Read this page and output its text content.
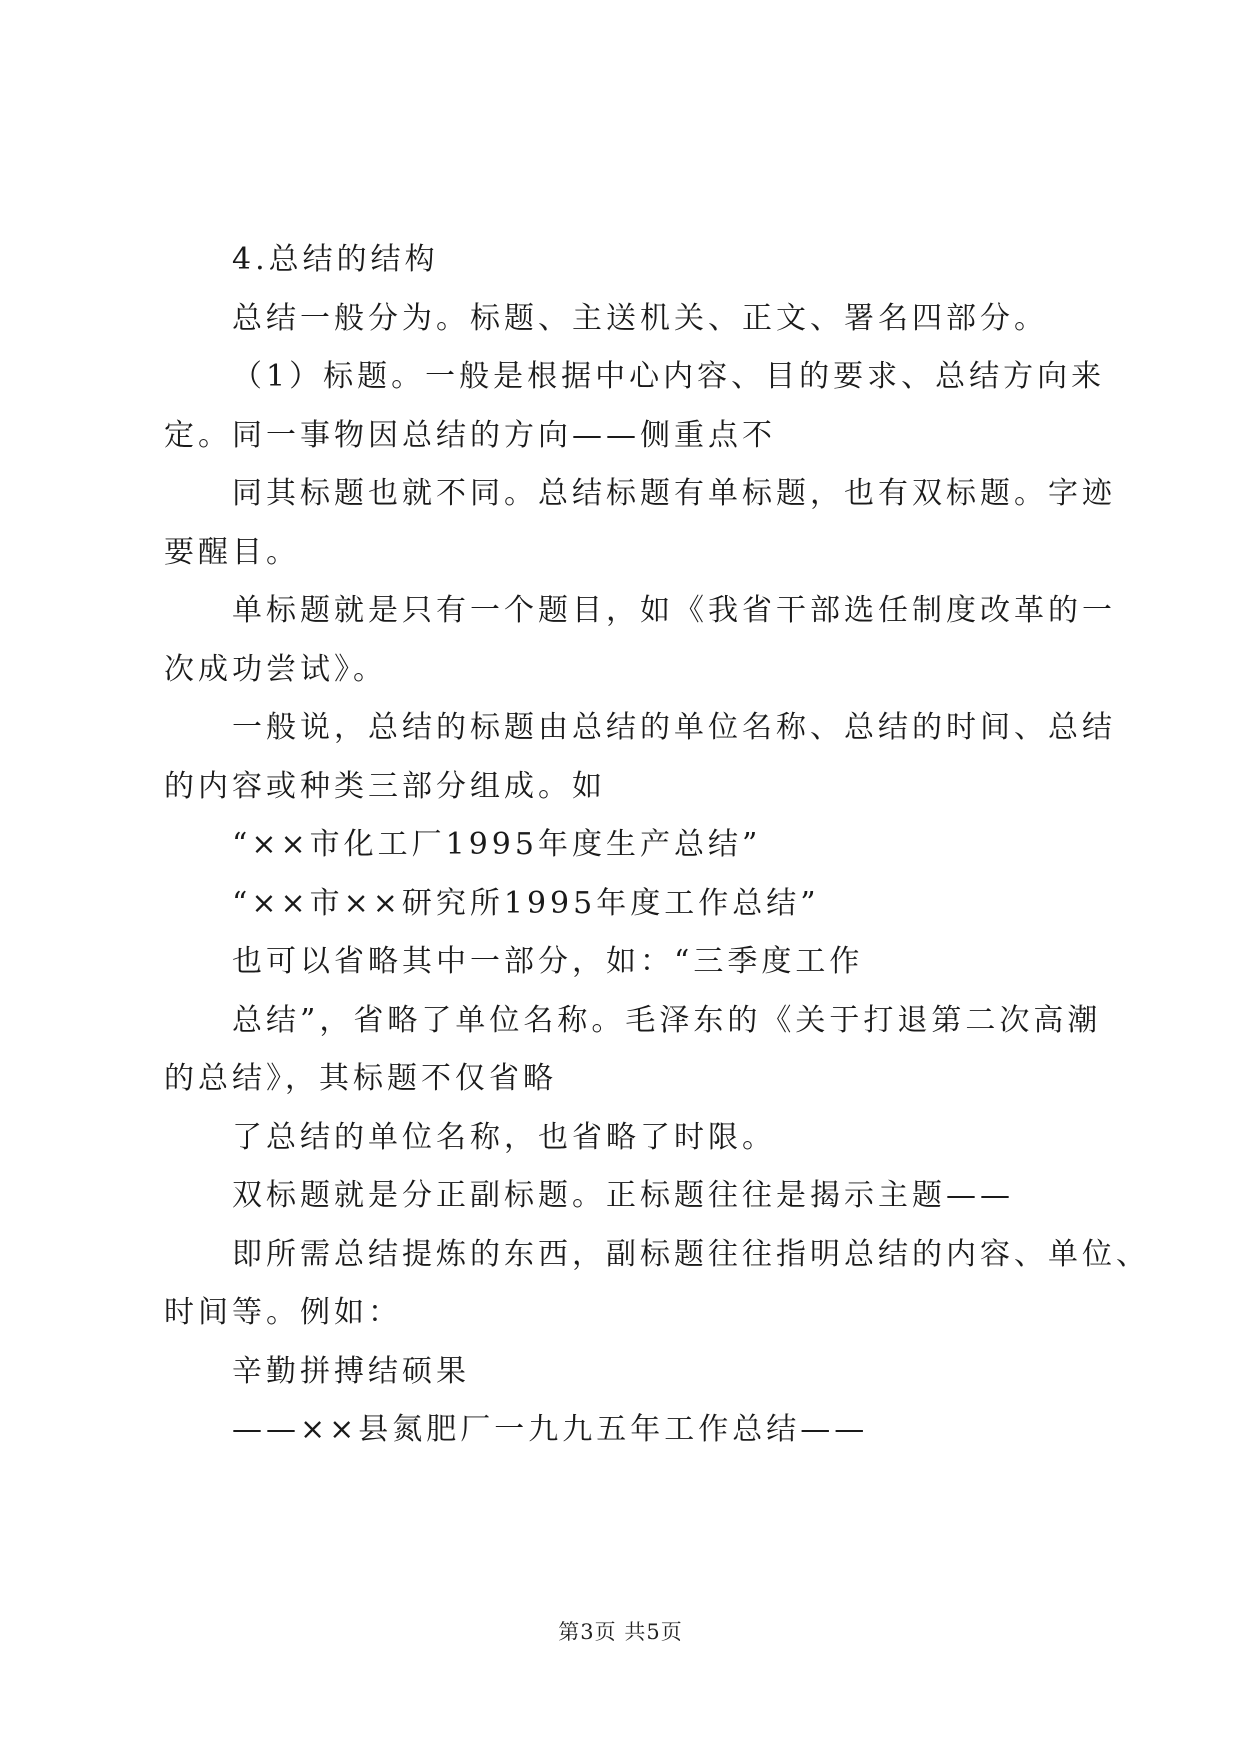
4.总结的结构

总结一般分为。标题、主送机关、正文、署名四部分。

（1）标题。一般是根据中心内容、目的要求、总结方向来

定。同一事物因总结的方向——侧重点不

同其标题也就不同。总结标题有单标题，也有双标题。字迹

要醒目。

单标题就是只有一个题目，如《我省干部选任制度改革的一

次成功尝试》。

一般说，总结的标题由总结的单位名称、总结的时间、总结

的内容或种类三部分组成。如

“××市化工厂1995年度生产总结”

“××市××研究所1995年度工作总结”

也可以省略其中一部分，如：“三季度工作

总结”，省略了单位名称。毛泽东的《关于打退第二次高潮

的总结》，其标题不仅省略

了总结的单位名称，也省略了时限。

双标题就是分正副标题。正标题往往是揭示主题——

即所需总结提炼的东西，副标题往往指明总结的内容、单位、

时间等。例如：

辛勤拼搏结硕果

——××县氮肥厂一九九五年工作总结——

第3页 共5页
